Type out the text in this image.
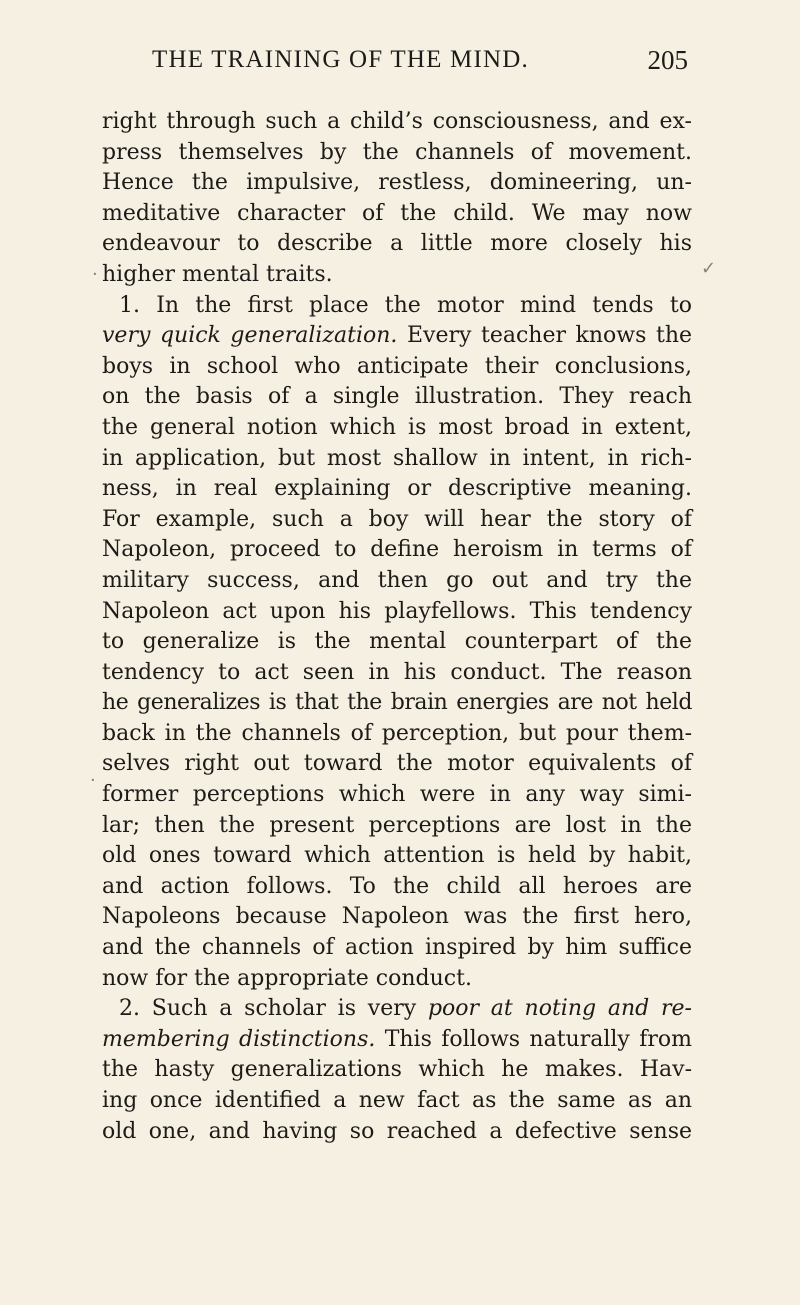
THE TRAINING OF THE MIND.	205
right through such a child’s consciousness, and ex-
press themselves by the channels of movement.
Hence the impulsive, restless, domineering, un-
meditative character of the child. We may now
endeavour to describe a little more closely his
higher mental traits.
1. In the first place the motor mind tends to
very quick generalization. Every teacher knows the
boys in school who anticipate their conclusions,
on the basis of a single illustration. They reach
the general notion which is most broad in extent,
in application, but most shallow in intent, in rich-
ness, in real explaining or descriptive meaning.
For example, such a boy will hear the story of
Napoleon, proceed to define heroism in terms of
military success, and then go out and try the
Napoleon act upon his playfellows. This tendency
to generalize is the mental counterpart of the
tendency to act seen in his conduct. The reason
he generalizes is that the brain energies are not held
back in the channels of perception, but pour them-
selves right out toward the motor equivalents of
former perceptions which were in any way simi-
lar; then the present perceptions are lost in the
old ones toward which attention is held by habit,
and action follows. To the child all heroes are
Napoleons because Napoleon was the first hero,
and the channels of action inspired by him suffice
now for the appropriate conduct.
2. Such a scholar is very poor at noting and re-
membering distinctions. This follows naturally from
the hasty generalizations which he makes. Hav-
ing once identified a new fact as the same as an
old one, and having so reached a defective sense
✓
·
·
